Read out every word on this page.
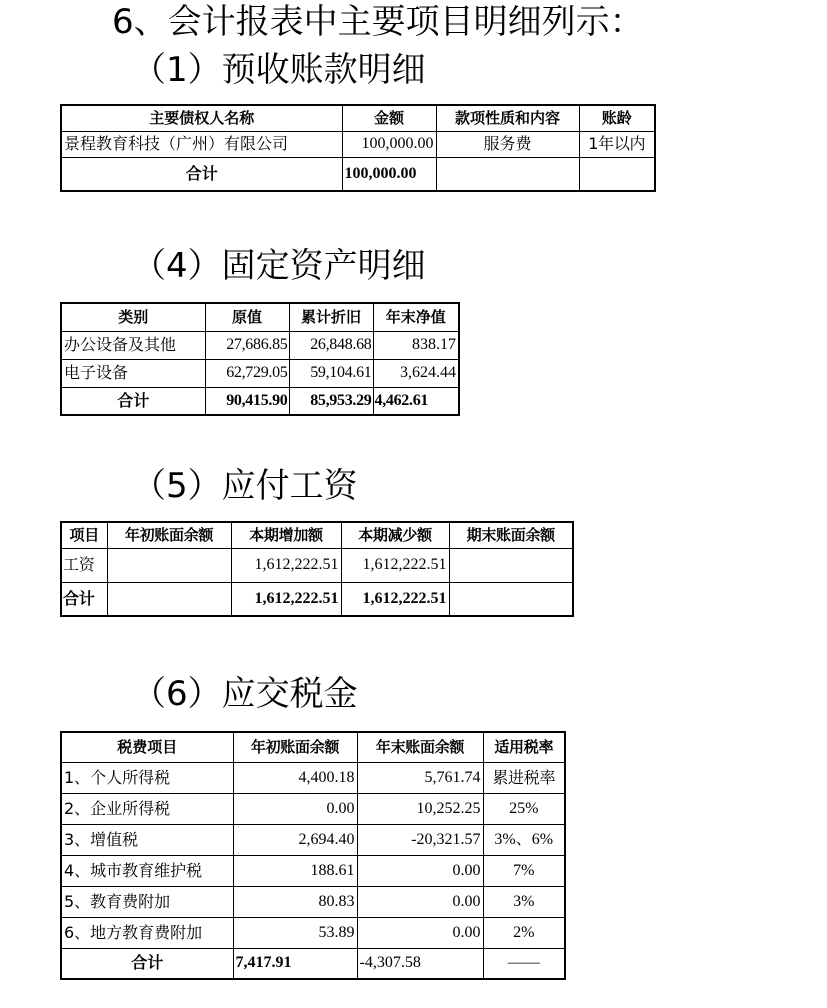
6、会计报表中主要项目明细列示：
（1）预收账款明细
（4）固定资产明细
（5）应付工资
（6）应交税金
主要债权人名称	金额	款项性质和内容	账龄
景程教育科技（广州）有限公司	100,000.00	服务费	1年以内
合计	100,000.00		
类别	原值	累计折旧	年末净值
办公设备及其他	27,686.85	26,848.68	838.17
电子设备	62,729.05	59,104.61	3,624.44
合计	90,415.90	85,953.29	4,462.61
项目	年初账面余额	本期增加额	本期减少额	期末账面余额
工资		1,612,222.51	1,612,222.51	
合计		1,612,222.51	1,612,222.51	
税费项目	年初账面余额	年末账面余额	适用税率
1、个人所得税	4,400.18	5,761.74	累进税率
2、企业所得税	0.00	10,252.25	25%
3、增值税	2,694.40	-20,321.57	3%、6%
4、城市教育维护税	188.61	0.00	7%
5、教育费附加	80.83	0.00	3%
6、地方教育费附加	53.89	0.00	2%
合计	7,417.91	-4,307.58	——
